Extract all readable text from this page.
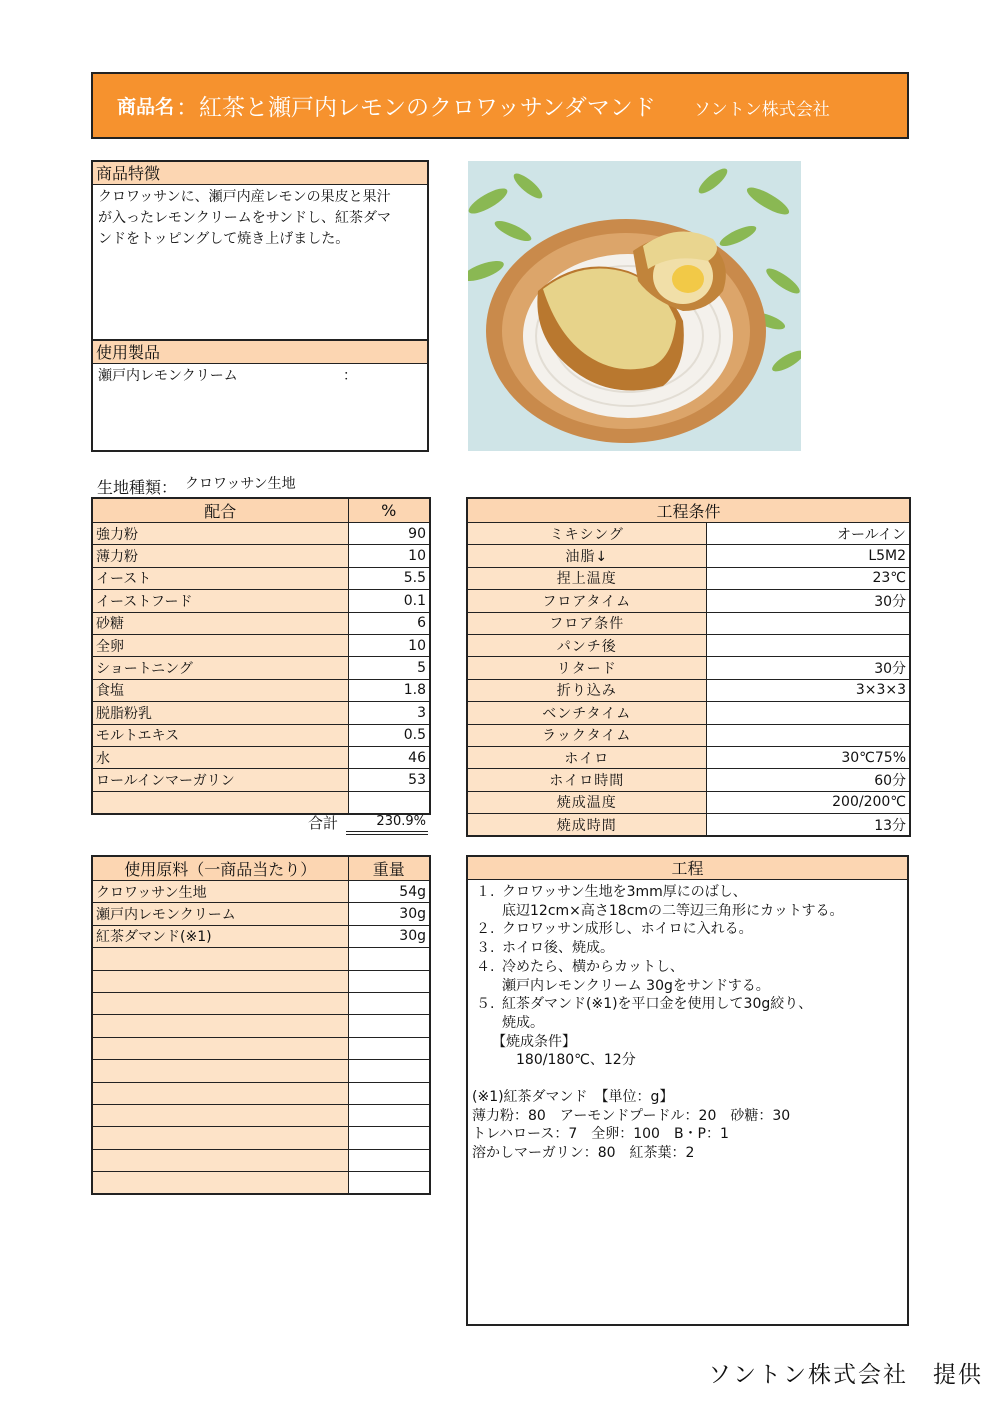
商品名 ：紅茶と瀬戸内レモンのクロワッサンダマンド ソントン株式会社
商品特徴
クロワッサンに、瀬戸内産レモンの果皮と果汁
が入ったレモンクリームをサンドし、紅茶ダマ
ンドをトッピングして焼き上げました。
使用製品
瀬戸内レモンクリーム	：
生地種類： クロワッサン生地
配合	%
強力粉	90
薄力粉	10
イースト	5.5
イーストフード	0.1
砂糖	6
全卵	10
ショートニング	5
食塩	1.8
脱脂粉乳	3
モルトエキス	0.5
水	46
ロールインマーガリン	53

合計	230.9%
工程条件	
ミキシング	オールイン
油脂↓	L5M2
捏上温度	23℃
フロアタイム	30分
フロア条件	
パンチ後	
リタード	30分
折り込み	3×3×3
ベンチタイム	
ラックタイム	
ホイロ	30℃75%
ホイロ時間	60分
焼成温度	200/200℃
焼成時間	13分
使用原料（一商品当たり）	重量
クロワッサン生地	54g
瀬戸内レモンクリーム	30g
紅茶ダマンド(※1)	30g

工程
１. クロワッサン生地を3mm厚にのばし、
底辺12cm×高さ18cmの二等辺三角形にカットする。
２. クロワッサン成形し、ホイロに入れる。
３. ホイロ後、焼成。
４. 冷めたら、横からカットし、
瀬戸内レモンクリーム 30gをサンドする。
５. 紅茶ダマンド(※1)を平口金を使用して30g絞り、
焼成。
【焼成条件】
180/180℃、12分
(※1)紅茶ダマンド　【単位：g】
薄力粉：80　アーモンドプードル：20　砂糖：30
トレハロース：7　全卵：100　B・P：1
溶かしマーガリン：80　紅茶葉：2
ソントン株式会社　提供
